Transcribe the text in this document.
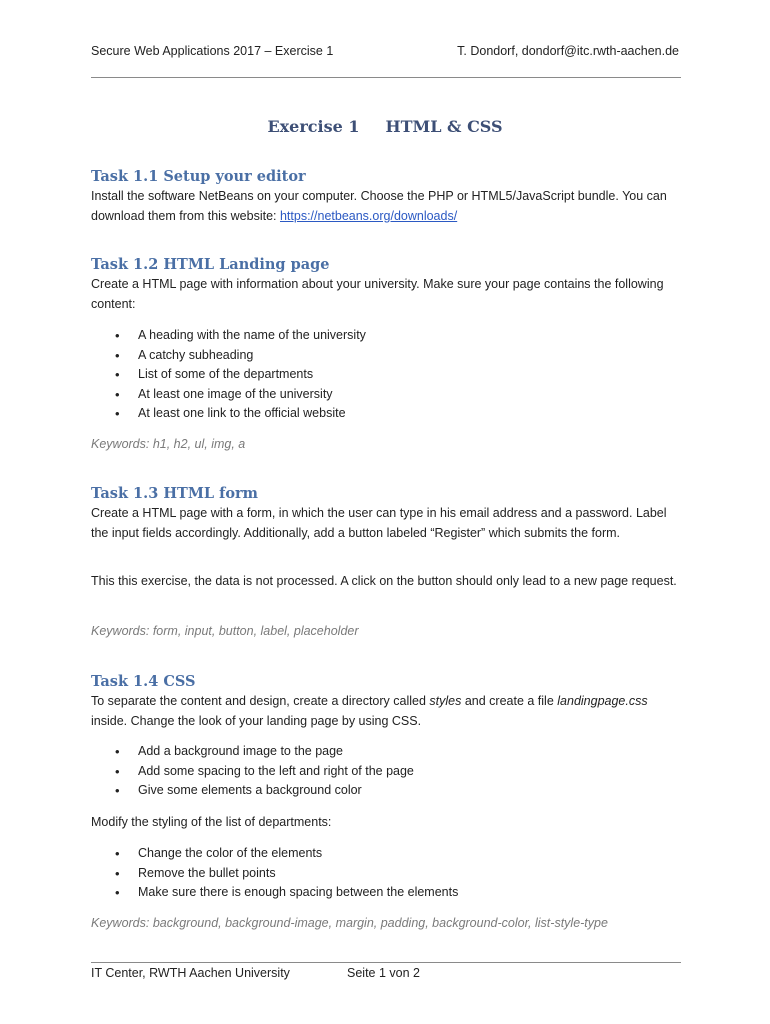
Secure Web Applications 2017 – Exercise 1	T. Dondorf, dondorf@itc.rwth-aachen.de
Exercise 1 HTML & CSS
Task 1.1 Setup your editor

Install the software NetBeans on your computer. Choose the PHP or HTML5/JavaScript bundle. You can download them from this website: https://netbeans.org/downloads/

Task 1.2 HTML Landing page

Create a HTML page with information about your university. Make sure your page contains the following content:

• A heading with the name of the university
• A catchy subheading
• List of some of the departments
• At least one image of the university
• At least one link to the official website

Keywords: h1, h2, ul, img, a

Task 1.3 HTML form

Create a HTML page with a form, in which the user can type in his email address and a password. Label the input fields accordingly. Additionally, add a button labeled “Register” which submits the form.

This this exercise, the data is not processed. A click on the button should only lead to a new page request.

Keywords: form, input, button, label, placeholder

Task 1.4 CSS

To separate the content and design, create a directory called styles and create a file landingpage.css inside. Change the look of your landing page by using CSS.

• Add a background image to the page
• Add some spacing to the left and right of the page
• Give some elements a background color

Modify the styling of the list of departments:

• Change the color of the elements
• Remove the bullet points
• Make sure there is enough spacing between the elements

Keywords: background, background-image, margin, padding, background-color, list-style-type

IT Center, RWTH Aachen University	Seite 1 von 2
